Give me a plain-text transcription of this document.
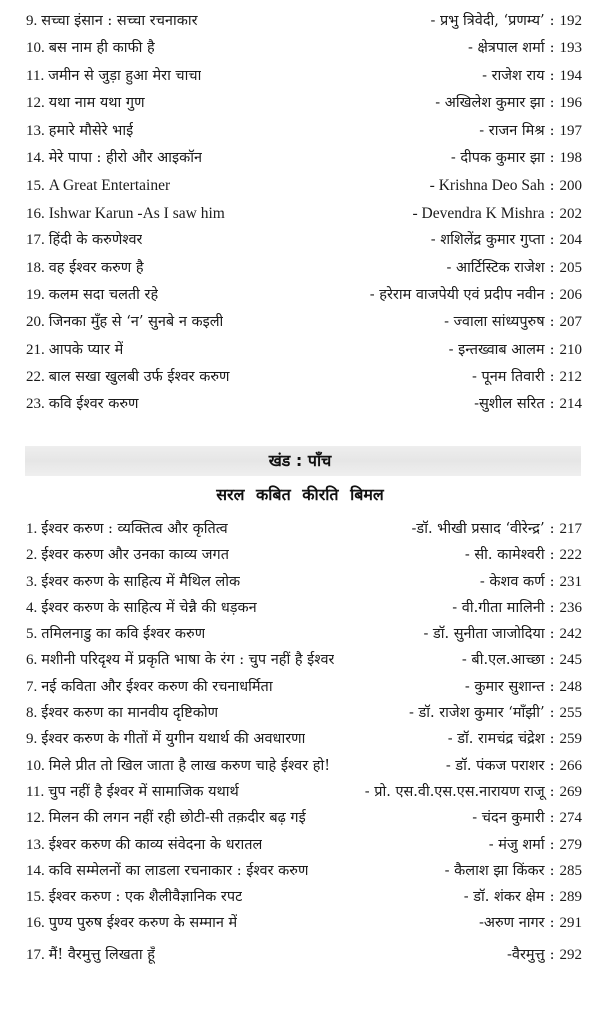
9. सच्चा इंसान : सच्चा रचनाकार	- प्रभु त्रिवेदी, ‘प्रणम्य’ : 192
10. बस नाम ही काफी है	- क्षेत्रपाल शर्मा : 193
11. जमीन से जुड़ा हुआ मेरा चाचा	- राजेश राय : 194
12. यथा नाम यथा गुण	- अखिलेश कुमार झा : 196
13. हमारे मौसेरे भाई	- राजन मिश्र : 197
14. मेरे पापा : हीरो और आइकॉन	- दीपक कुमार झा : 198
15. A Great Entertainer	- Krishna Deo Sah : 200
16. Ishwar Karun -As I saw him	- Devendra K Mishra : 202
17. हिंदी के करुणेश्वर	- शशिलेंद्र कुमार गुप्ता : 204
18. वह ईश्वर करुण है	- आर्टिस्टिक राजेश : 205
19. कलम सदा चलती रहे	- हरेराम वाजपेयी एवं प्रदीप नवीन : 206
20. जिनका मुँह से ‘न’ सुनबे न कइली	- ज्वाला सांध्यपुरुष : 207
21. आपके प्यार में	- इन्तख्वाब आलम : 210
22. बाल सखा खुलबी उर्फ ईश्वर करुण	- पूनम तिवारी : 212
23. कवि ईश्वर करुण	-सुशील सरित : 214
खंड : पाँच
सरल कबित कीरति बिमल
1. ईश्वर करुण : व्यक्तित्व और कृतित्व	-डॉ. भीखी प्रसाद ‘वीरेन्द्र’ : 217
2. ईश्वर करुण और उनका काव्य जगत	- सी. कामेश्वरी : 222
3. ईश्वर करुण के साहित्य में मैथिल लोक	- केशव कर्ण : 231
4. ईश्वर करुण के साहित्य में चेन्नै की धड़कन	- वी.गीता मालिनी : 236
5. तमिलनाडु का कवि ईश्वर करुण	- डॉ. सुनीता जाजोदिया : 242
6. मशीनी परिदृश्य में प्रकृति भाषा के रंग : चुप नहीं है ईश्वर	- बी.एल.आच्छा : 245
7. नई कविता और ईश्वर करुण की रचनाधर्मिता	- कुमार सुशान्त : 248
8. ईश्वर करुण का मानवीय दृष्टिकोण	- डॉ. राजेश कुमार ‘माँझी’ : 255
9. ईश्वर करुण के गीतों में युगीन यथार्थ की अवधारणा	- डॉ. रामचंद्र चंद्रेश : 259
10. मिले प्रीत तो खिल जाता है लाख करुण चाहे ईश्वर हो!	- डॉ. पंकज पराशर : 266
11. चुप नहीं है ईश्वर में सामाजिक यथार्थ	- प्रो. एस.वी.एस.एस.नारायण राजू : 269
12. मिलन की लगन नहीं रही छोटी-सी तक़दीर बढ़ गई	- चंदन कुमारी : 274
13. ईश्वर करुण की काव्य संवेदना के धरातल	- मंजु शर्मा : 279
14. कवि सम्मेलनों का लाडला रचनाकार : ईश्वर करुण	- कैलाश झा किंकर : 285
15. ईश्वर करुण : एक शैलीवैज्ञानिक रपट	- डॉ. शंकर क्षेम : 289
16. पुण्य पुरुष ईश्वर करुण के सम्मान में	-अरुण नागर : 291
17. मैं! वैरमुत्तु लिखता हूँ	-वैरमुत्तु : 292
